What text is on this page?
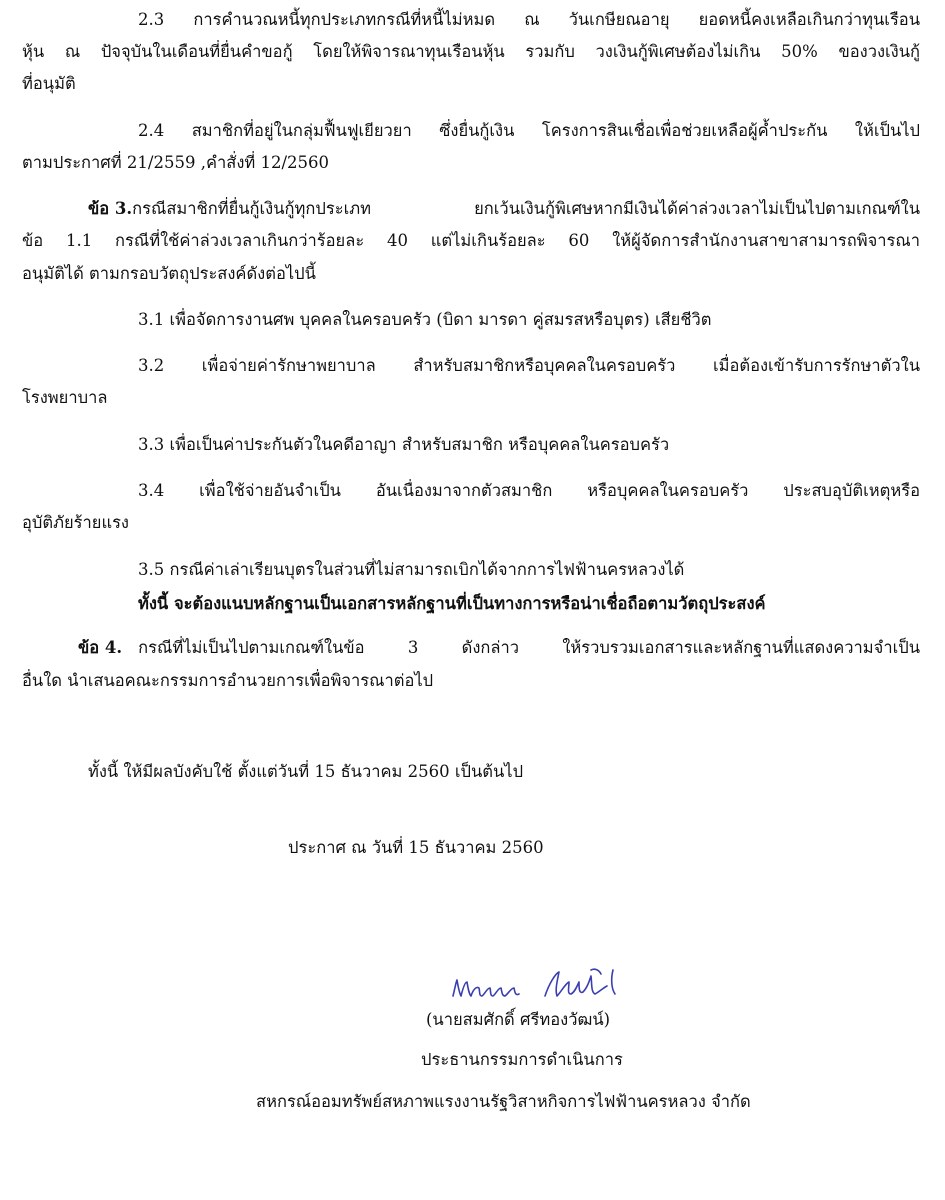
2.3 การคำนวณหนี้ทุกประเภทกรณีที่หนี้ไม่หมด ณ วันเกษียณอายุ ยอดหนี้คงเหลือเกินกว่าทุนเรือน
หุ้น ณ ปัจจุบันในเดือนที่ยื่นคำขอกู้ โดยให้พิจารณาทุนเรือนหุ้น รวมกับ วงเงินกู้พิเศษต้องไม่เกิน 50% ของวงเงินกู้
ที่อนุมัติ
2.4 สมาชิกที่อยู่ในกลุ่มฟื้นฟูเยียวยา ซึ่งยื่นกู้เงิน โครงการสินเชื่อเพื่อช่วยเหลือผู้ค้ำประกัน ให้เป็นไป
ตามประกาศที่ 21/2559 ,คำสั่งที่ 12/2560
ข้อ 3. กรณีสมาชิกที่ยื่นกู้เงินกู้ทุกประเภท ยกเว้นเงินกู้พิเศษหากมีเงินได้ค่าล่วงเวลาไม่เป็นไปตามเกณฑ์ใน
ข้อ 1.1 กรณีที่ใช้ค่าล่วงเวลาเกินกว่าร้อยละ 40 แต่ไม่เกินร้อยละ 60 ให้ผู้จัดการสำนักงานสาขาสามารถพิจารณา
อนุมัติได้ ตามกรอบวัตถุประสงค์ดังต่อไปนี้
3.1 เพื่อจัดการงานศพ บุคคลในครอบครัว (บิดา มารดา คู่สมรสหรือบุตร) เสียชีวิต
3.2 เพื่อจ่ายค่ารักษาพยาบาล สำหรับสมาชิกหรือบุคคลในครอบครัว เมื่อต้องเข้ารับการรักษาตัวใน
โรงพยาบาล
3.3 เพื่อเป็นค่าประกันตัวในคดีอาญา สำหรับสมาชิก หรือบุคคลในครอบครัว
3.4 เพื่อใช้จ่ายอันจำเป็น อันเนื่องมาจากตัวสมาชิก หรือบุคคลในครอบครัว ประสบอุบัติเหตุหรือ
อุบัติภัยร้ายแรง
3.5 กรณีค่าเล่าเรียนบุตรในส่วนที่ไม่สามารถเบิกได้จากการไฟฟ้านครหลวงได้
ทั้งนี้ จะต้องแนบหลักฐานเป็นเอกสารหลักฐานที่เป็นทางการหรือน่าเชื่อถือตามวัตถุประสงค์
ข้อ 4. กรณีที่ไม่เป็นไปตามเกณฑ์ในข้อ 3 ดังกล่าว ให้รวบรวมเอกสารและหลักฐานที่แสดงความจำเป็น
อื่นใด นำเสนอคณะกรรมการอำนวยการเพื่อพิจารณาต่อไป
ทั้งนี้ ให้มีผลบังคับใช้ ตั้งแต่วันที่ 15 ธันวาคม 2560 เป็นต้นไป
ประกาศ ณ วันที่ 15 ธันวาคม 2560
(นายสมศักดิ์ ศรีทองวัฒน์)
ประธานกรรมการดำเนินการ
สหกรณ์ออมทรัพย์สหภาพแรงงานรัฐวิสาหกิจการไฟฟ้านครหลวง จำกัด
